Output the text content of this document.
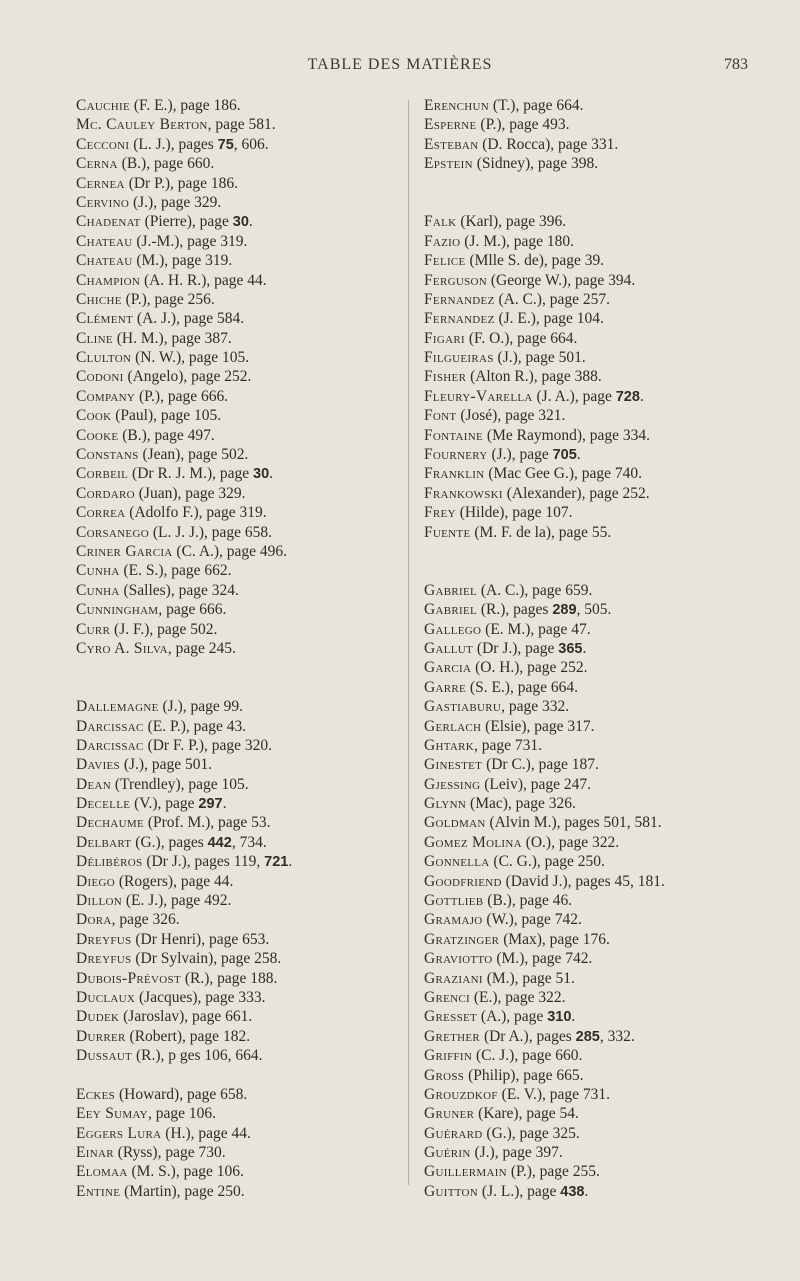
TABLE DES MATIÈRES	783
Cauchie (F. E.), page 186.
Mc. Cauley Berton, page 581.
Cecconi (L. J.), pages 75, 606.
Cerna (B.), page 660.
Cernea (Dr P.), page 186.
Cervino (J.), page 329.
Chadenat (Pierre), page 30.
Chateau (J.-M.), page 319.
Chateau (M.), page 319.
Champion (A. H. R.), page 44.
Chiche (P.), page 256.
Clément (A. J.), page 584.
Cline (H. M.), page 387.
Clulton (N. W.), page 105.
Codoni (Angelo), page 252.
Company (P.), page 666.
Cook (Paul), page 105.
Cooke (B.), page 497.
Constans (Jean), page 502.
Corbeil (Dr R. J. M.), page 30.
Cordaro (Juan), page 329.
Correa (Adolfo F.), page 319.
Corsanego (L. J. J.), page 658.
Criner Garcia (C. A.), page 496.
Cunha (E. S.), page 662.
Cunha (Salles), page 324.
Cunningham, page 666.
Curr (J. F.), page 502.
Cyro A. Silva, page 245.
Dallemagne (J.), page 99.
Darcissac (E. P.), page 43.
Darcissac (Dr F. P.), page 320.
Davies (J.), page 501.
Dean (Trendley), page 105.
Decelle (V.), page 297.
Dechaume (Prof. M.), page 53.
Delbart (G.), pages 442, 734.
Délibéros (Dr J.), pages 119, 721.
Diego (Rogers), page 44.
Dillon (E. J.), page 492.
Dora, page 326.
Dreyfus (Dr Henri), page 653.
Dreyfus (Dr Sylvain), page 258.
Dubois-Prévost (R.), page 188.
Duclaux (Jacques), page 333.
Dudek (Jaroslav), page 661.
Durrer (Robert), page 182.
Dussaut (R.), p ges 106, 664.
Eckes (Howard), page 658.
Eey Sumay, page 106.
Eggers Lura (H.), page 44.
Einar (Ryss), page 730.
Elomaa (M. S.), page 106.
Entine (Martin), page 250.
Erenchun (T.), page 664.
Esperne (P.), page 493.
Esteban (D. Rocca), page 331.
Epstein (Sidney), page 398.
Falk (Karl), page 396.
Fazio (J. M.), page 180.
Felice (Mlle S. de), page 39.
Ferguson (George W.), page 394.
Fernandez (A. C.), page 257.
Fernandez (J. E.), page 104.
Figari (F. O.), page 664.
Filgueiras (J.), page 501.
Fisher (Alton R.), page 388.
Fleury-Varella (J. A.), page 728.
Font (José), page 321.
Fontaine (Me Raymond), page 334.
Fournery (J.), page 705.
Franklin (Mac Gee G.), page 740.
Frankowski (Alexander), page 252.
Frey (Hilde), page 107.
Fuente (M. F. de la), page 55.
Gabriel (A. C.), page 659.
Gabriel (R.), pages 289, 505.
Gallego (E. M.), page 47.
Gallut (Dr J.), page 365.
Garcia (O. H.), page 252.
Garre (S. E.), page 664.
Gastiaburu, page 332.
Gerlach (Elsie), page 317.
Ghtark, page 731.
Ginestet (Dr C.), page 187.
Gjessing (Leiv), page 247.
Glynn (Mac), page 326.
Goldman (Alvin M.), pages 501, 581.
Gomez Molina (O.), page 322.
Gonnella (C. G.), page 250.
Goodfriend (David J.), pages 45, 181.
Gottlieb (B.), page 46.
Gramajo (W.), page 742.
Gratzinger (Max), page 176.
Graviotto (M.), page 742.
Graziani (M.), page 51.
Grenci (E.), page 322.
Gresset (A.), page 310.
Grether (Dr A.), pages 285, 332.
Griffin (C. J.), page 660.
Gross (Philip), page 665.
Grouzdkof (E. V.), page 731.
Gruner (Kare), page 54.
Guérard (G.), page 325.
Guérin (J.), page 397.
Guillermain (P.), page 255.
Guitton (J. L.), page 438.
